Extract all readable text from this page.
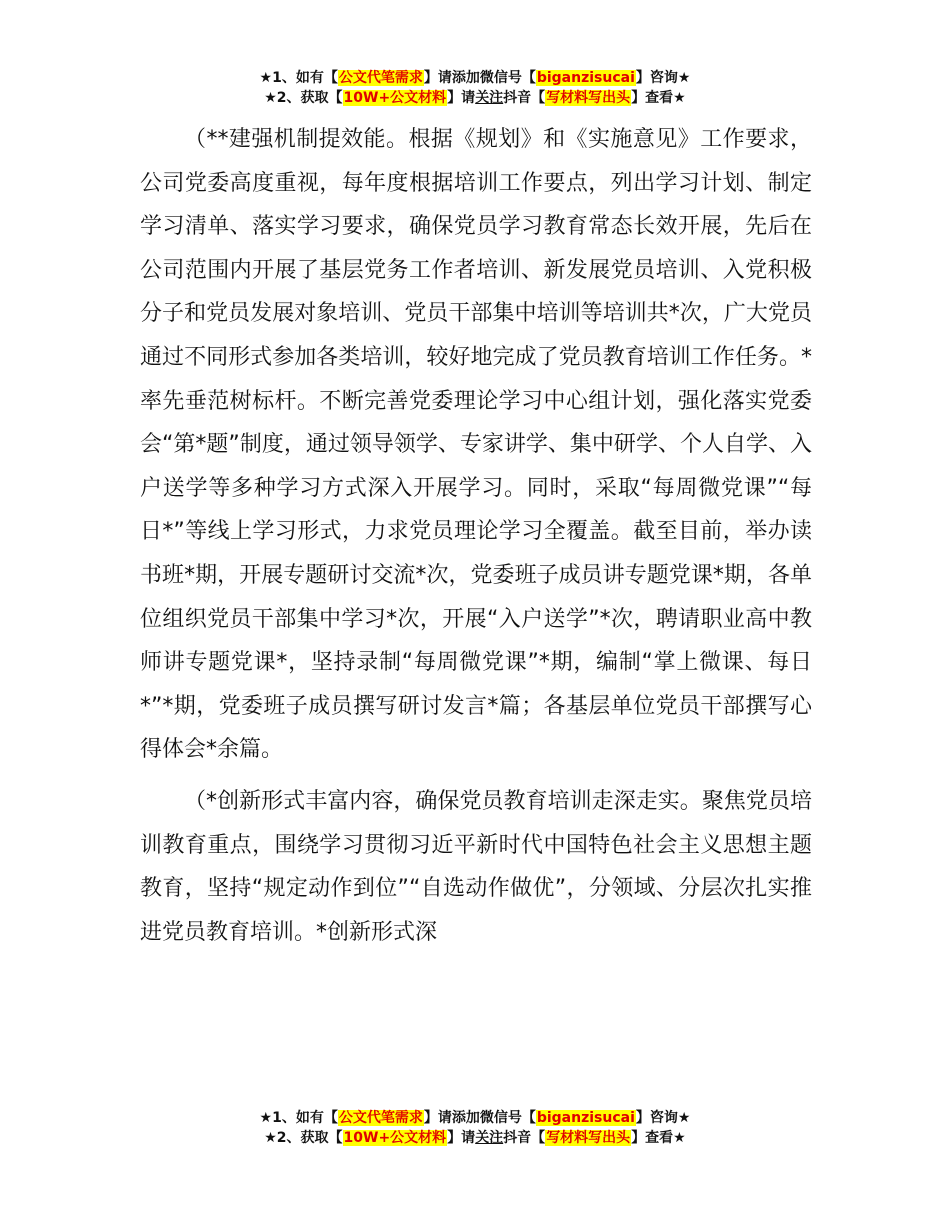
★1、如有【公文代笔需求】请添加微信号【biganzisucai】咨询★
★2、获取【10W+公文材料】请关注抖音【写材料写出头】查看★

（**建强机制提效能。根据《规划》和《实施意见》工作要求，公司党委高度重视，每年度根据培训工作要点，列出学习计划、制定学习清单、落实学习要求，确保党员学习教育常态长效开展，先后在公司范围内开展了基层党务工作者培训、新发展党员培训、入党积极分子和党员发展对象培训、党员干部集中培训等培训共*次，广大党员通过不同形式参加各类培训，较好地完成了党员教育培训工作任务。*率先垂范树标杆。不断完善党委理论学习中心组计划，强化落实党委会“第*题”制度，通过领导领学、专家讲学、集中研学、个人自学、入户送学等多种学习方式深入开展学习。同时，采取“每周微党课”“每日*”等线上学习形式，力求党员理论学习全覆盖。截至目前，举办读书班*期，开展专题研讨交流*次，党委班子成员讲专题党课*期，各单位组织党员干部集中学习*次，开展“入户送学”*次，聘请职业高中教师讲专题党课*，坚持录制“每周微党课”*期，编制“掌上微课、每日*”*期，党委班子成员撰写研讨发言*篇；各基层单位党员干部撰写心得体会*余篇。

（*创新形式丰富内容，确保党员教育培训走深走实。聚焦党员培训教育重点，围绕学习贯彻习近平新时代中国特色社会主义思想主题教育，坚持“规定动作到位”“自选动作做优”，分领域、分层次扎实推进党员教育培训。*创新形式深

★1、如有【公文代笔需求】请添加微信号【biganzisucai】咨询★
★2、获取【10W+公文材料】请关注抖音【写材料写出头】查看★
